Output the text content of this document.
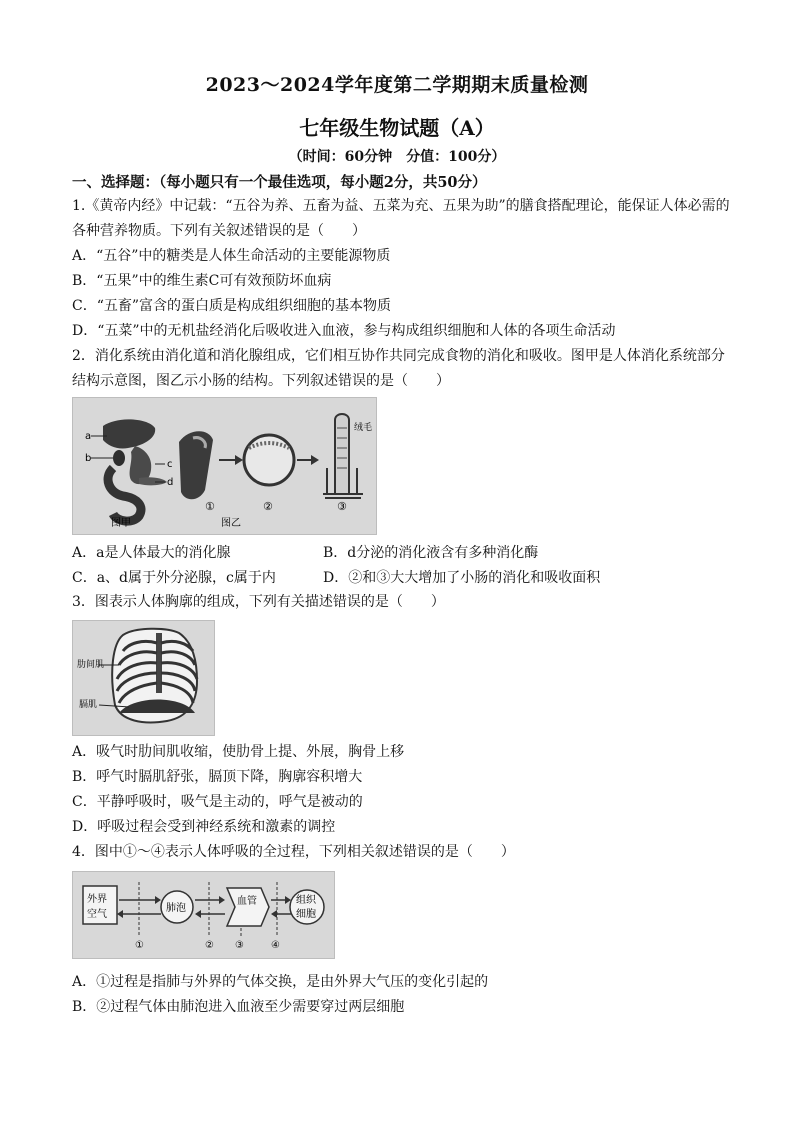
2023～2024学年度第二学期期末质量检测
七年级生物试题（A）
（时间：60分钟　分值：100分）
一、选择题：（每小题只有一个最佳选项，每小题2分，共50分）
1.《黄帝内经》中记载：“五谷为养、五畜为益、五菜为充、五果为助”的膳食搭配理论，能保证人体必需的
各种营养物质。下列有关叙述错误的是（　　）
A．“五谷”中的糖类是人体生命活动的主要能源物质
B．“五果”中的维生素C可有效预防坏血病
C．“五畜”富含的蛋白质是构成组织细胞的基本物质
D．“五菜”中的无机盐经消化后吸收进入血液，参与构成组织细胞和人体的各项生命活动
2．消化系统由消化道和消化腺组成，它们相互协作共同完成食物的消化和吸收。图甲是人体消化系统部分
结构示意图，图乙示小肠的结构。下列叙述错误的是（　　）
a
b
c
d
绒毛
①	②	③
图甲	图乙
A．a是人体最大的消化腺	B．d分泌的消化液含有多种消化酶
C．a、d属于外分泌腺，c属于内	D．②和③大大增加了小肠的消化和吸收面积
3．图表示人体胸廓的组成，下列有关描述错误的是（　　）
肋间肌
膈肌
A．吸气时肋间肌收缩，使肋骨上提、外展，胸骨上移
B．呼气时膈肌舒张，膈顶下降，胸廓容积增大
C．平静呼吸时，吸气是主动的，呼气是被动的
D．呼吸过程会受到神经系统和激素的调控
4．图中①～④表示人体呼吸的全过程，下列相关叙述错误的是（　　）
外界
空气
肺泡
血管	组织
细胞
①	② ③	④
A．①过程是指肺与外界的气体交换，是由外界大气压的变化引起的
B．②过程气体由肺泡进入血液至少需要穿过两层细胞
